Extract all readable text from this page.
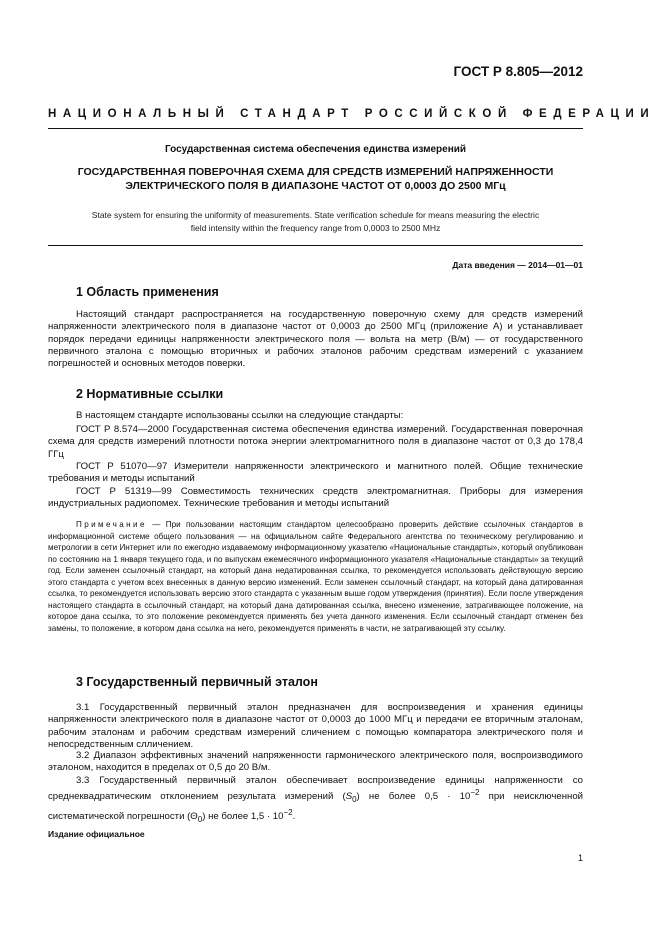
ГОСТ Р 8.805—2012
НАЦИОНАЛЬНЫЙ СТАНДАРТ РОССИЙСКОЙ ФЕДЕРАЦИИ
Государственная система обеспечения единства измерений
ГОСУДАРСТВЕННАЯ ПОВЕРОЧНАЯ СХЕМА ДЛЯ СРЕДСТВ ИЗМЕРЕНИЙ НАПРЯЖЕННОСТИ
ЭЛЕКТРИЧЕСКОГО ПОЛЯ В ДИАПАЗОНЕ ЧАСТОТ ОТ 0,0003 ДО 2500 МГц
State system for ensuring the uniformity of measurements. State verification schedule for means measuring the electric
field intensity within the frequency range from 0,0003 to 2500 MHz
Дата введения — 2014—01—01
1 Область применения
Настоящий стандарт распространяется на государственную поверочную схему для средств измерений напряженности электрического поля в диапазоне частот от 0,0003 до 2500 МГц (приложение А) и устанавливает порядок передачи единицы напряженности электрического поля — вольта на метр (В/м) — от государственного первичного эталона с помощью вторичных и рабочих эталонов рабочим средствам измерений с указанием погрешностей и основных методов поверки.
2 Нормативные ссылки
В настоящем стандарте использованы ссылки на следующие стандарты:
ГОСТ Р 8.574—2000 Государственная система обеспечения единства измерений. Государственная поверочная схема для средств измерений плотности потока энергии электромагнитного поля в диапазоне частот от 0,3 до 178,4 ГГц
ГОСТ Р 51070—97 Измерители напряженности электрического и магнитного полей. Общие технические требования и методы испытаний
ГОСТ Р 51319—99 Совместимость технических средств электромагнитная. Приборы для измерения индустриальных радиопомех. Технические требования и методы испытаний
Примечание — При пользовании настоящим стандартом целесообразно проверить действие ссылочных стандартов в информационной системе общего пользования — на официальном сайте Федерального агентства по техническому регулированию и метрологии в сети Интернет или по ежегодно издаваемому информационному указателю «Национальные стандарты», который опубликован по состоянию на 1 января текущего года, и по выпускам ежемесячного информационного указателя «Национальные стандарты» за текущий год. Если заменен ссылочный стандарт, на который дана недатированная ссылка, то рекомендуется использовать действующую версию этого стандарта с учетом всех внесенных в данную версию изменений. Если заменен ссылочный стандарт, на который дана датированная ссылка, то рекомендуется использовать версию этого стандарта с указанным выше годом утверждения (принятия). Если после утверждения настоящего стандарта в ссылочный стандарт, на который дана датированная ссылка, внесено изменение, затрагивающее положение, на которое дана ссылка, то это положение рекомендуется применять без учета данного изменения. Если ссылочный стандарт отменен без замены, то положение, в котором дана ссылка на него, рекомендуется применять в части, не затрагивающей эту ссылку.
3 Государственный первичный эталон
3.1 Государственный первичный эталон предназначен для воспроизведения и хранения единицы напряженности электрического поля в диапазоне частот от 0,0003 до 1000 МГц и передачи ее вторичным эталонам, рабочим эталонам и рабочим средствам измерений сличением с помощью компаратора электрического поля и непосредственным слличением.
3.2 Диапазон эффективных значений напряженности гармонического электрического поля, воспроизводимого эталоном, находится в пределах от 0,5 до 20 В/м.
3.3 Государственный первичный эталон обеспечивает воспроизведение единицы напряженности со среднеквадратическим отклонением результата измерений $(S_0)$ не более $0,5 \cdot 10^{-2}$ при неисключенной систематической погрешности $(\Theta_0)$ не более $1,5 \cdot 10^{-2}$.
Издание официальное
1
